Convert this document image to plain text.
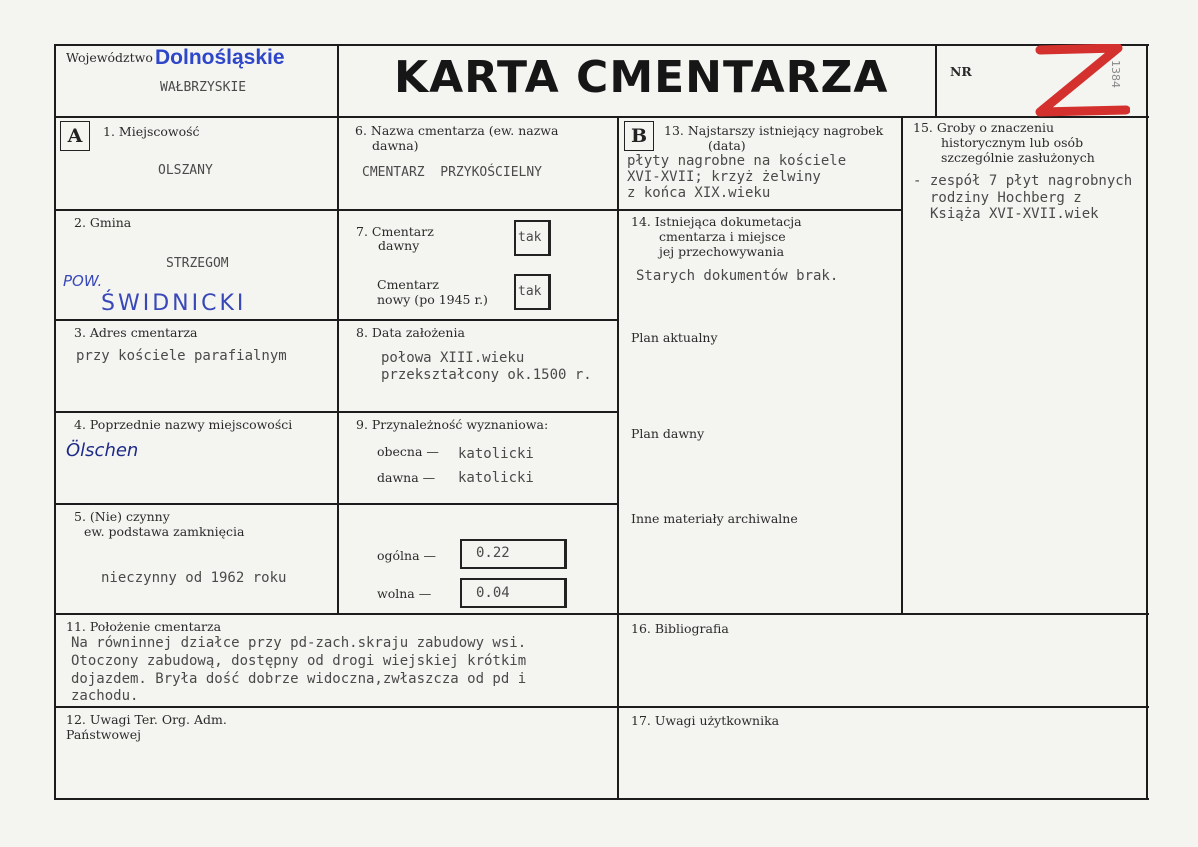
Województwo Dolnośląskie
WAŁBRZYSKIE	KARTA CMENTARZA	NR	1384
A	B
1. Miejscowość
OLSZANY
2. Gmina
STRZEGOM
POW.
ŚWIDNICKI
3. Adres cmentarza
przy kościele parafialnym
4. Poprzednie nazwy miejscowości
Ölschen
5. (Nie) czynny
ew. podstawa zamknięcia
nieczynny od 1962 roku
6. Nazwa cmentarza (ew. nazwa
dawna)
CMENTARZ  PRZYKOŚCIELNY
7. Cmentarz
dawny
tak
Cmentarz
nowy (po 1945 r.)
tak
8. Data założenia
połowa XIII.wieku
przekształcony ok.1500 r.
9. Przynależność wyznaniowa:
obecna — katolicki
dawna — katolicki
ogólna —	0.22
wolna —	0.04
11. Położenie cmentarza
Na równinnej działce przy pd-zach.skraju zabudowy wsi.
Otoczony zabudową, dostępny od drogi wiejskiej krótkim
dojazdem. Bryła dość dobrze widoczna,zwłaszcza od pd i
zachodu.
12. Uwagi Ter. Org. Adm.
Państwowej
13. Najstarszy istniejący nagrobek
(data)
płyty nagrobne na kościele
XVI-XVII; krzyż żelwiny
z końca XIX.wieku
14. Istniejąca dokumetacja
cmentarza i miejsce
jej przechowywania
Starych dokumentów brak.
Plan aktualny
Plan dawny
Inne materiały archiwalne
15. Groby o znaczeniu
historycznym lub osób
szczególnie zasłużonych
- zespół 7 płyt nagrobnych
rodziny Hochberg z
Książa XVI-XVII.wiek
16. Bibliografia
17. Uwagi użytkownika
